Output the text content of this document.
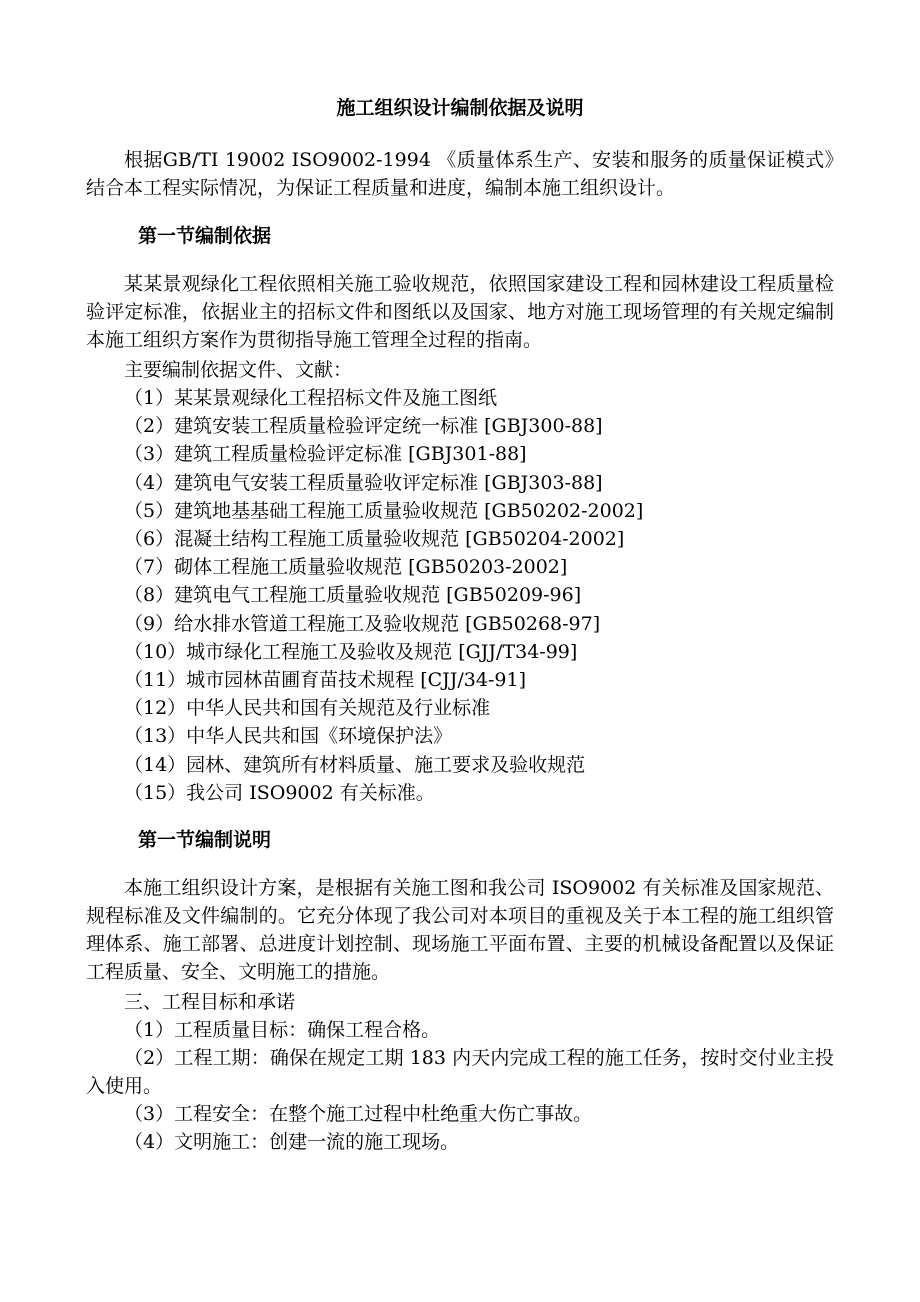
施工组织设计编制依据及说明

根据GB/TI 19002 ISO9002-1994 《质量体系生产、安装和服务的质量保证模式》结合本工程实际情况，为保证工程质量和进度，编制本施工组织设计。

第一节编制依据

某某景观绿化工程依照相关施工验收规范，依照国家建设工程和园林建设工程质量检验评定标准，依据业主的招标文件和图纸以及国家、地方对施工现场管理的有关规定编制本施工组织方案作为贯彻指导施工管理全过程的指南。

主要编制依据文件、文献：
（1）某某景观绿化工程招标文件及施工图纸
（2）建筑安装工程质量检验评定统一标准 [GBJ300-88]
（3）建筑工程质量检验评定标准 [GBJ301-88]
（4）建筑电气安装工程质量验收评定标准 [GBJ303-88]
（5）建筑地基基础工程施工质量验收规范 [GB50202-2002]
（6）混凝土结构工程施工质量验收规范 [GB50204-2002]
（7）砌体工程施工质量验收规范 [GB50203-2002]
（8）建筑电气工程施工质量验收规范 [GB50209-96]
（9）给水排水管道工程施工及验收规范 [GB50268-97]
（10）城市绿化工程施工及验收及规范 [GJJ/T34-99]
（11）城市园林苗圃育苗技术规程 [CJJ/34-91]
（12）中华人民共和国有关规范及行业标准
（13）中华人民共和国《环境保护法》
（14）园林、建筑所有材料质量、施工要求及验收规范
（15）我公司 ISO9002 有关标准。
第一节编制说明

本施工组织设计方案，是根据有关施工图和我公司 ISO9002 有关标准及国家规范、规程标准及文件编制的。它充分体现了我公司对本项目的重视及关于本工程的施工组织管理体系、施工部署、总进度计划控制、现场施工平面布置、主要的机械设备配置以及保证工程质量、安全、文明施工的措施。

三、工程目标和承诺
（1）工程质量目标：确保工程合格。

（2）工程工期：确保在规定工期 183 内天内完成工程的施工任务，按时交付业主投入使用。

（3）工程安全：在整个施工过程中杜绝重大伤亡事故。
（4）文明施工：创建一流的施工现场。
